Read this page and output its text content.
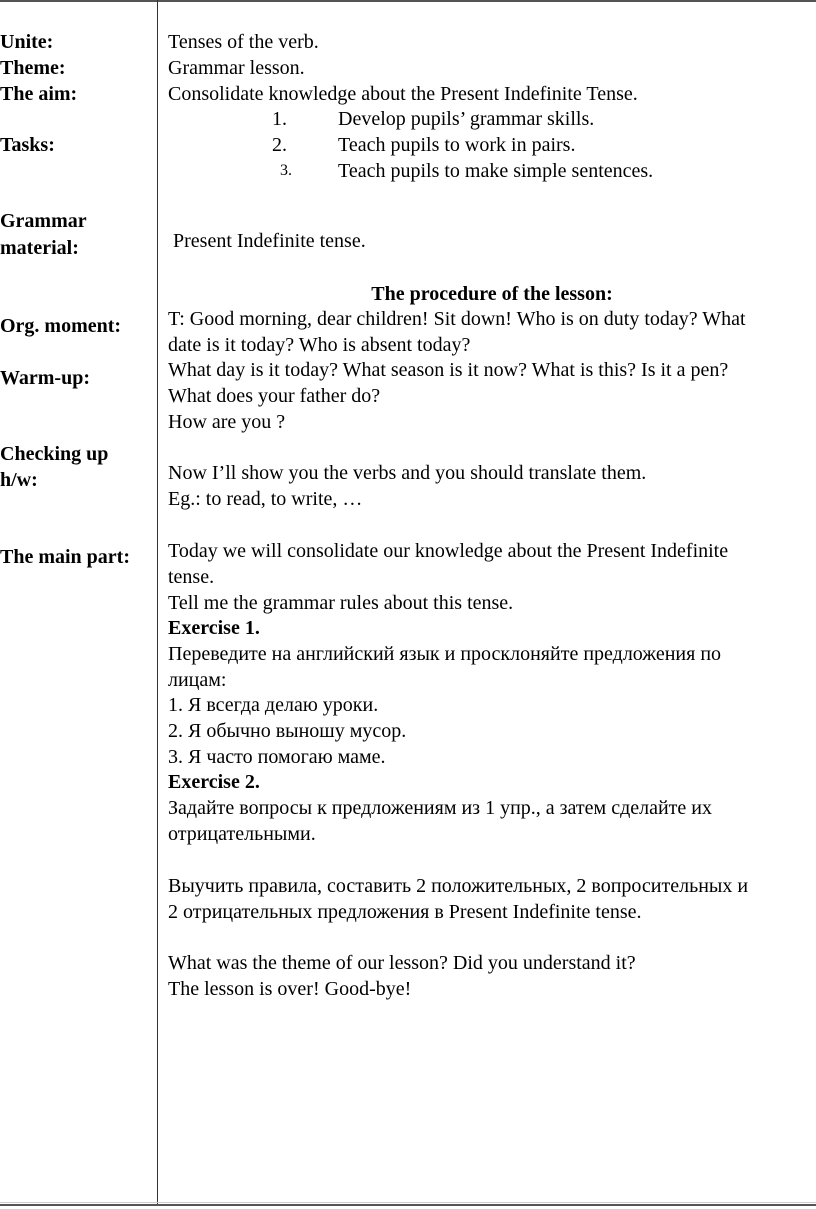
Unite:
Theme:
The aim:
Tasks:
Grammar
material:
Org. moment:
Warm-up:
Checking up
h/w:
The main part:
Tenses of the verb.
Grammar lesson.
Consolidate knowledge about the Present Indefinite Tense.
1.	Develop pupils’ grammar skills.
2.	Teach pupils to work in pairs.
3. Teach pupils to make simple sentences.
Present Indefinite tense.
The procedure of the lesson:
T: Good morning, dear children! Sit down! Who is on duty today? What
date is it today? Who is absent today?
What day is it today? What season is it now? What is this? Is it a pen?
What does your father do?
How are you ?
Now I’ll show you the verbs and you should translate them.
Eg.: to read, to write, …
Today we will consolidate our knowledge about the Present Indefinite
tense.
Tell me the grammar rules about this tense.
Exercise 1.
Переведите на английский язык и просклоняйте предложения по
лицам:
1. Я всегда делаю уроки.
2. Я обычно выношу мусор.
3. Я часто помогаю маме.
Exercise 2.
Задайте вопросы к предложениям из 1 упр., а затем сделайте их
отрицательными.
Выучить правила, составить 2 положительных, 2 вопросительных и
2 отрицательных предложения в Present Indefinite tense.
What was the theme of our lesson? Did you understand it?
The lesson is over! Good-bye!
